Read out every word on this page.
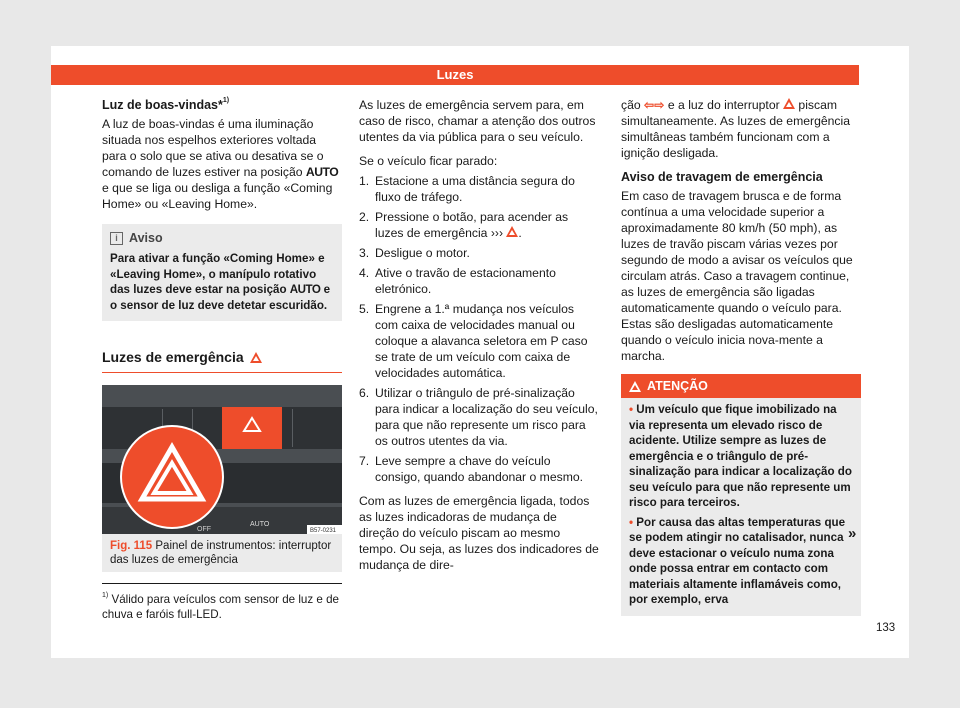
Luzes
Luz de boas-vindas*$^{1)}$

A luz de boas-vindas é uma iluminação situada nos espelhos exteriores voltada para o solo que se ativa ou desativa se o comando de luzes estiver na posição AUTO e que se liga ou desliga a função «Coming Home» ou «Leaving Home».

i Aviso
Para ativar a função «Coming Home» e «Leaving Home», o manípulo rotativo das luzes deve estar na posição AUTO e o sensor de luz deve detetar escuridão.
Luzes de emergência
OFF
AUTO
B57-0231
Fig. 115 Painel de instrumentos: interruptor das luzes de emergência

As luzes de emergência servem para, em caso de risco, chamar a atenção dos outros utentes da via pública para o seu veículo.

Se o veículo ficar parado:

1. Estacione a uma distância segura do fluxo de tráfego.
2. Pressione o botão, para acender as luzes de emergência ››› .
3. Desligue o motor.
4. Ative o travão de estacionamento eletrónico.
5. Engrene a 1.ª mudança nos veículos com caixa de velocidades manual ou coloque a alavanca seletora em P caso se trate de um veículo com caixa de velocidades automática.
6. Utilizar o triângulo de pré-sinalização para indicar a localização do seu veículo, para que não represente um risco para os outros utentes da via.
7. Leve sempre a chave do veículo consigo, quando abandonar o mesmo.

Com as luzes de emergência ligada, todos as luzes indicadoras de mudança de direção do veículo piscam ao mesmo tempo. Ou seja, as luzes dos indicadores de mudança de dire-

ção ⇦⇨ e a luz do interruptor  piscam simultaneamente. As luzes de emergência simultâneas também funcionam com a ignição desligada.

Aviso de travagem de emergência

Em caso de travagem brusca e de forma contínua a uma velocidade superior a aproximadamente 80 km/h (50 mph), as luzes de travão piscam várias vezes por segundo de modo a avisar os veículos que circulam atrás. Caso a travagem continue, as luzes de emergência são ligadas automaticamente quando o veículo para. Estas são desligadas automaticamente quando o veículo inicia nova-mente a marcha.

ATENÇÃO
• Um veículo que fique imobilizado na via representa um elevado risco de acidente. Utilize sempre as luzes de emergência e o triângulo de pré-sinalização para indicar a localização do seu veículo para que não represente um risco para terceiros.
• Por causa das altas temperaturas que se podem atingir no catalisador, nunca deve estacionar o veículo numa zona onde possa entrar em contacto com materiais altamente inflamáveis como, por exemplo, erva
»
$^{1)}$ Válido para veículos com sensor de luz e de chuva e faróis full-LED.
133
